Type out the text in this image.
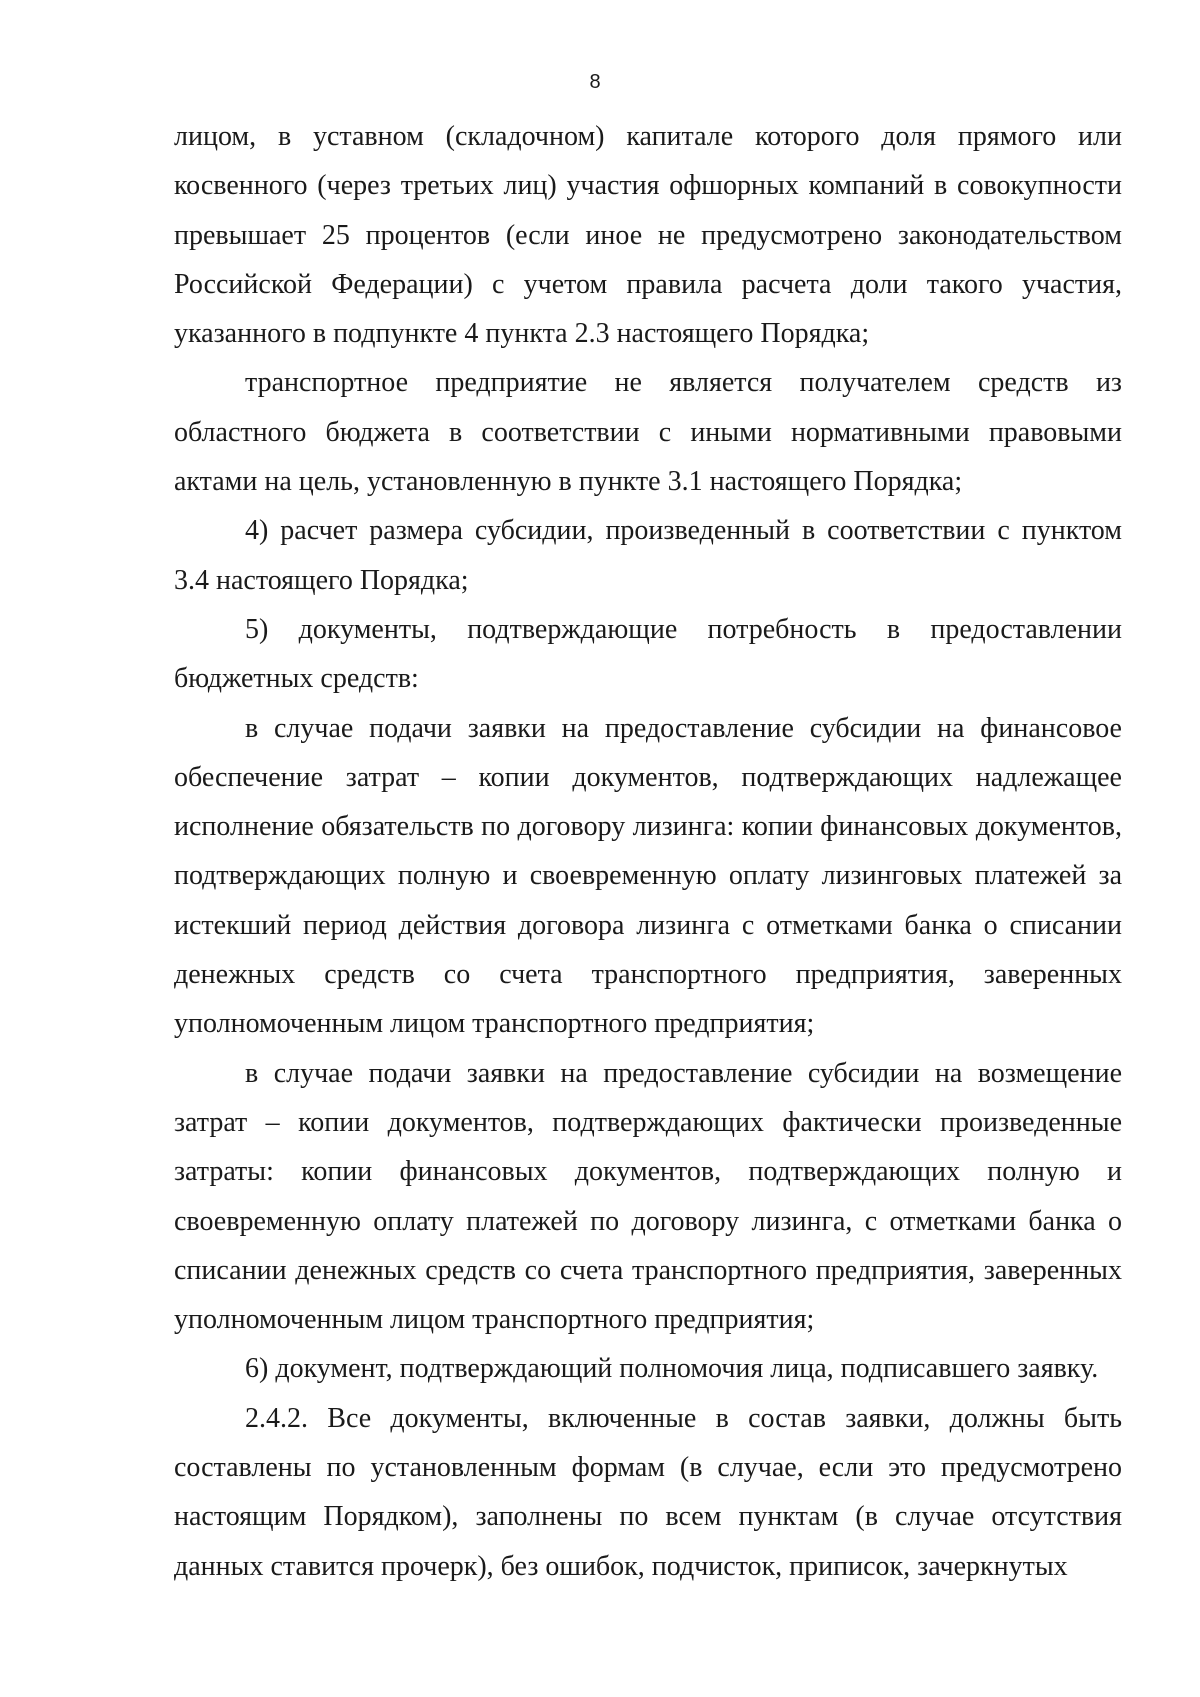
8

лицом, в уставном (складочном) капитале которого доля прямого или косвенного (через третьих лиц) участия офшорных компаний в совокупности превышает 25 процентов (если иное не предусмотрено законодательством Российской Федерации) с учетом правила расчета доли такого участия, указанного в подпункте 4 пункта 2.3 настоящего Порядка;

транспортное предприятие не является получателем средств из областного бюджета в соответствии с иными нормативными правовыми актами на цель, установленную в пункте 3.1 настоящего Порядка;

4) расчет размера субсидии, произведенный в соответствии с пунктом 3.4 настоящего Порядка;

5) документы, подтверждающие потребность в предоставлении бюджетных средств:

в случае подачи заявки на предоставление субсидии на финансовое обеспечение затрат – копии документов, подтверждающих надлежащее исполнение обязательств по договору лизинга: копии финансовых документов, подтверждающих полную и своевременную оплату лизинговых платежей за истекший период действия договора лизинга с отметками банка о списании денежных средств со счета транспортного предприятия, заверенных уполномоченным лицом транспортного предприятия;

в случае подачи заявки на предоставление субсидии на возмещение затрат – копии документов, подтверждающих фактически произведенные затраты: копии финансовых документов, подтверждающих полную и своевременную оплату платежей по договору лизинга, с отметками банка о списании денежных средств со счета транспортного предприятия, заверенных уполномоченным лицом транспортного предприятия;

6) документ, подтверждающий полномочия лица, подписавшего заявку.

2.4.2. Все документы, включенные в состав заявки, должны быть составлены по установленным формам (в случае, если это предусмотрено настоящим Порядком), заполнены по всем пунктам (в случае отсутствия данных ставится прочерк), без ошибок, подчисток, приписок, зачеркнутых
